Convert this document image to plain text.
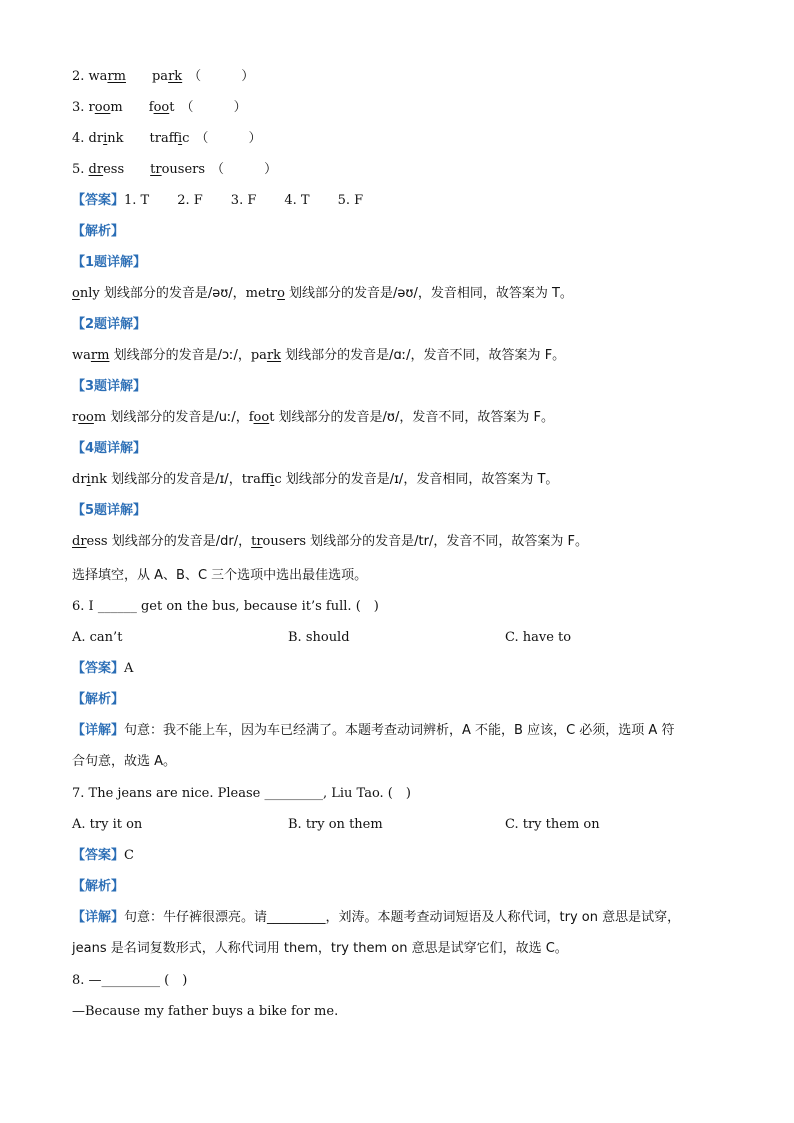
2. warm park （ ）
3. room foot （ ）
4. drink traffic （ ）
5. dress trousers （ ）
【答案】1. T 2. F 3. F 4. T 5. F
【解析】
【1题详解】
only 划线部分的发音是/əʊ/，metro 划线部分的发音是/əʊ/，发音相同，故答案为 T。
【2题详解】
warm 划线部分的发音是/ɔː/，park 划线部分的发音是/ɑː/，发音不同，故答案为 F。
【3题详解】
room 划线部分的发音是/uː/，foot 划线部分的发音是/ʊ/，发音不同，故答案为 F。
【4题详解】
drink 划线部分的发音是/ɪ/，traffic 划线部分的发音是/ɪ/，发音相同，故答案为 T。
【5题详解】
dress 划线部分的发音是/dr/，trousers 划线部分的发音是/tr/，发音不同，故答案为 F。
选择填空，从 A、B、C 三个选项中选出最佳选项。
6. I ______ get on the bus, because it’s full. (　)
A. can’t	B. should	C. have to
【答案】A
【解析】
【详解】句意：我不能上车，因为车已经满了。本题考查动词辨析，A 不能，B 应该，C 必须，选项 A 符
合句意，故选 A。
7. The jeans are nice. Please _________, Liu Tao. (　)
A. try it on	B. try on them	C. try them on
【答案】C
【解析】
【详解】句意：牛仔裤很漂亮。请_________，刘涛。本题考查动词短语及人称代词，try on 意思是试穿，
jeans 是名词复数形式，人称代词用 them，try them on 意思是试穿它们，故选 C。
8. —_________ (　)
—Because my father buys a bike for me.
